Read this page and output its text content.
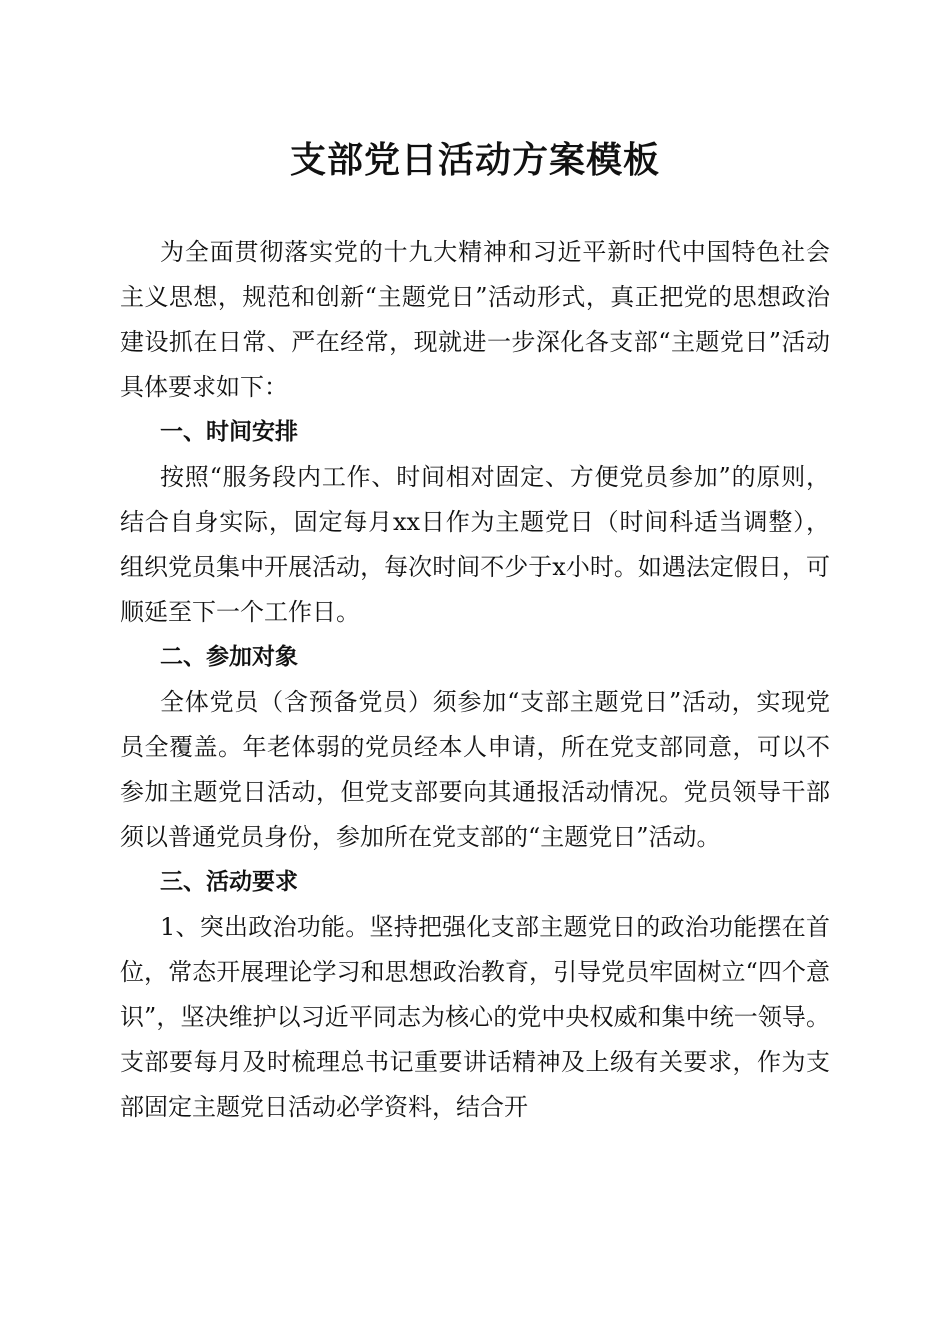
支部党日活动方案模板

为全面贯彻落实党的十九大精神和习近平新时代中国特色社会主义思想，规范和创新“主题党日”活动形式，真正把党的思想政治建设抓在日常、严在经常，现就进一步深化各支部“主题党日”活动具体要求如下：

一、时间安排

按照“服务段内工作、时间相对固定、方便党员参加”的原则，结合自身实际，固定每月xx日作为主题党日（时间科适当调整），组织党员集中开展活动，每次时间不少于x小时。如遇法定假日，可顺延至下一个工作日。

二、参加对象

全体党员（含预备党员）须参加“支部主题党日”活动，实现党员全覆盖。年老体弱的党员经本人申请，所在党支部同意，可以不参加主题党日活动，但党支部要向其通报活动情况。党员领导干部须以普通党员身份，参加所在党支部的“主题党日”活动。

三、活动要求

1、突出政治功能。坚持把强化支部主题党日的政治功能摆在首位，常态开展理论学习和思想政治教育，引导党员牢固树立“四个意识”，坚决维护以习近平同志为核心的党中央权威和集中统一领导。支部要每月及时梳理总书记重要讲话精神及上级有关要求，作为支部固定主题党日活动必学资料，结合开
